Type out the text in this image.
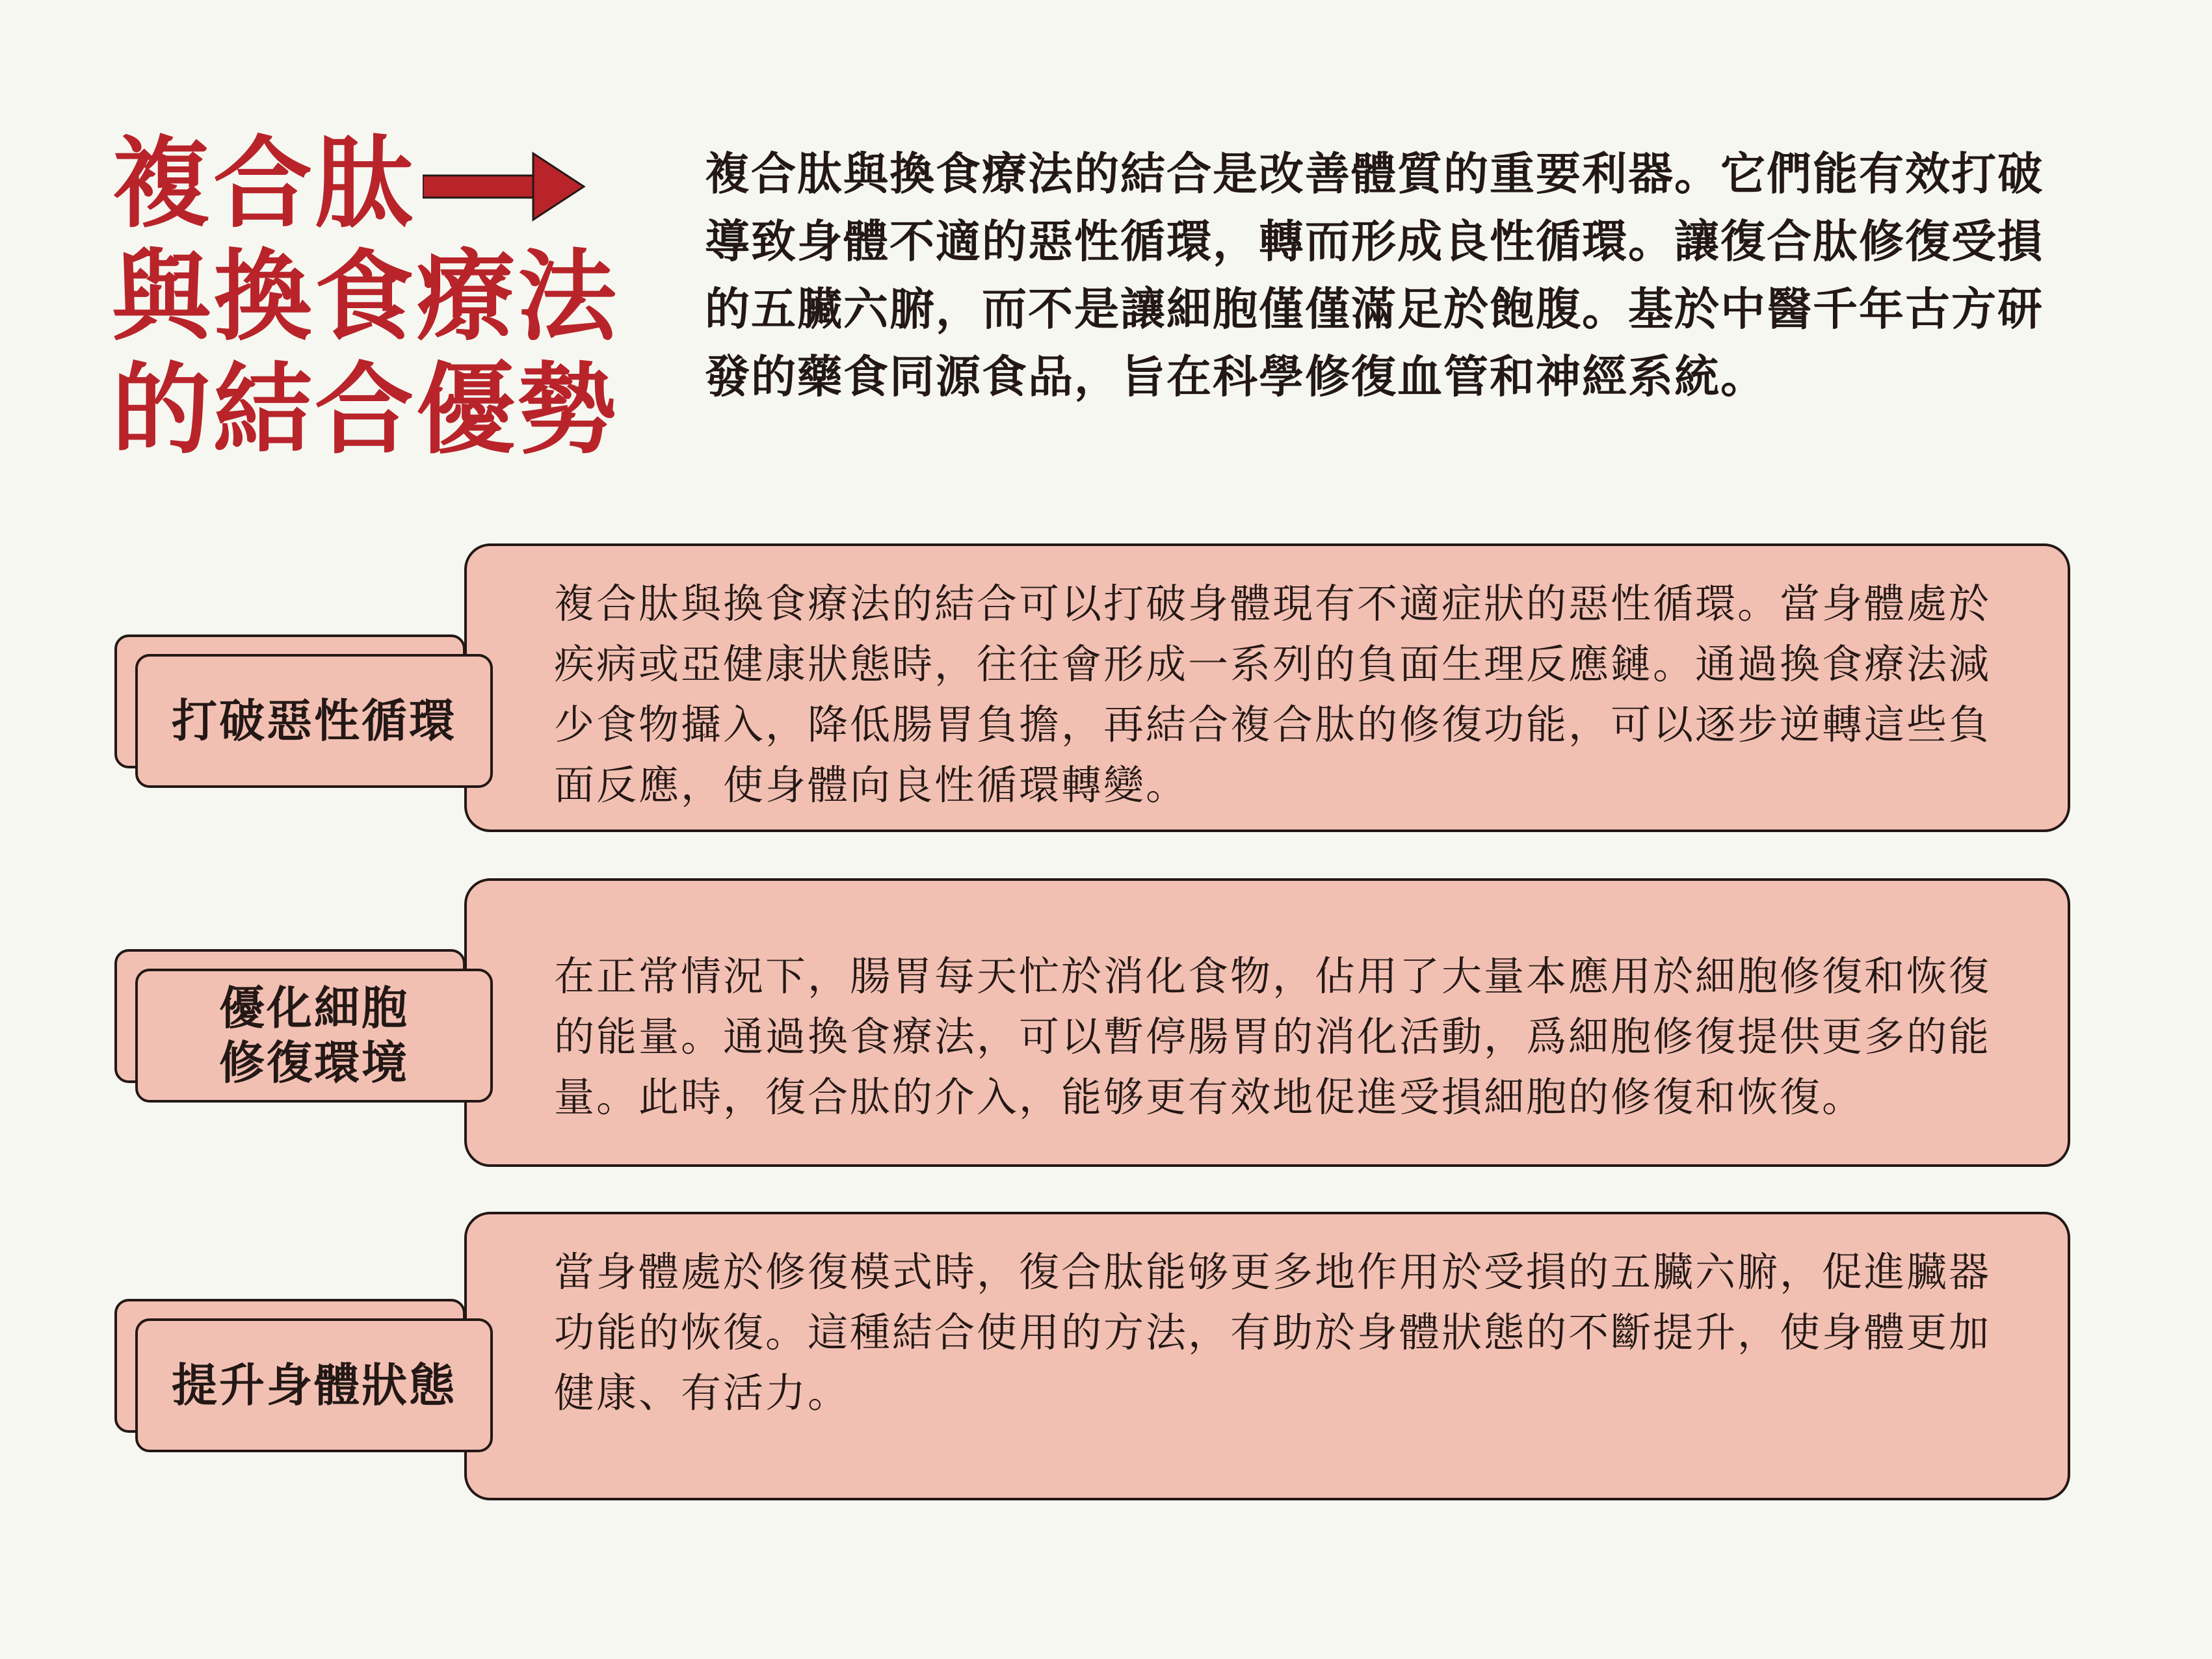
複合肽
與換食療法
的結合優勢
複合肽與換食療法的結合是改善體質的重要利器。它們能有效打破導致身體不適的惡性循環，轉而形成良性循環。讓復合肽修復受損的五臟六腑，而不是讓細胞僅僅滿足於飽腹。基於中醫千年古方研發的藥食同源食品，旨在科學修復血管和神經系統。
複合肽與換食療法的結合可以打破身體現有不適症狀的惡性循環。當身體處於疾病或亞健康狀態時，往往會形成一系列的負面生理反應鏈。通過換食療法減少食物攝入，降低腸胃負擔，再結合複合肽的修復功能，可以逐步逆轉這些負面反應，使身體向良性循環轉變。
打破惡性循環
在正常情況下，腸胃每天忙於消化食物，佔用了大量本應用於細胞修復和恢復的能量。通過換食療法，可以暫停腸胃的消化活動，爲細胞修復提供更多的能量。此時，復合肽的介入，能够更有效地促進受損細胞的修復和恢復。
優化細胞
修復環境
當身體處於修復模式時，復合肽能够更多地作用於受損的五臟六腑，促進臟器功能的恢復。這種結合使用的方法，有助於身體狀態的不斷提升，使身體更加健康、有活力。
提升身體狀態
